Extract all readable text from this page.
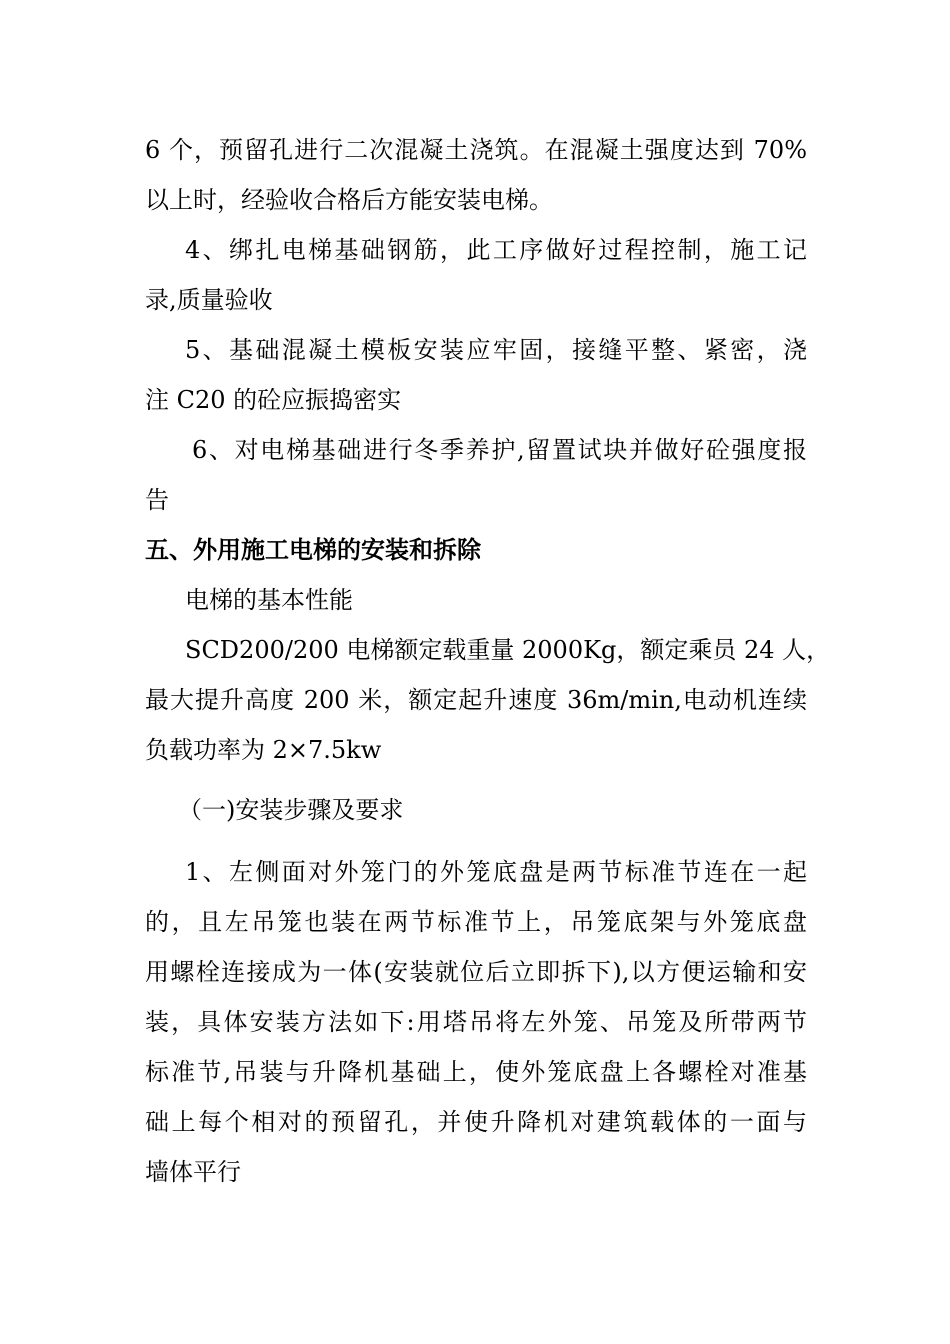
6 个，预留孔进行二次混凝土浇筑。在混凝土强度达到 70%
以上时，经验收合格后方能安装电梯。
4、绑扎电梯基础钢筋，此工序做好过程控制，施工记
录,质量验收
5、基础混凝土模板安装应牢固，接缝平整、紧密，浇
注 C20 的砼应振捣密实
6、对电梯基础进行冬季养护,留置试块并做好砼强度报
告
五、外用施工电梯的安装和拆除
电梯的基本性能
SCD200/200 电梯额定载重量 2000Kg，额定乘员 24 人，
最大提升高度 200 米，额定起升速度 36m/min,电动机连续
负载功率为 2×7.5kw
（一)安装步骤及要求
1、左侧面对外笼门的外笼底盘是两节标准节连在一起
的，且左吊笼也装在两节标准节上，吊笼底架与外笼底盘
用螺栓连接成为一体(安装就位后立即拆下),以方便运输和安
装，具体安装方法如下:用塔吊将左外笼、吊笼及所带两节
标准节,吊装与升降机基础上，使外笼底盘上各螺栓对准基
础上每个相对的预留孔，并使升降机对建筑载体的一面与
墙体平行
